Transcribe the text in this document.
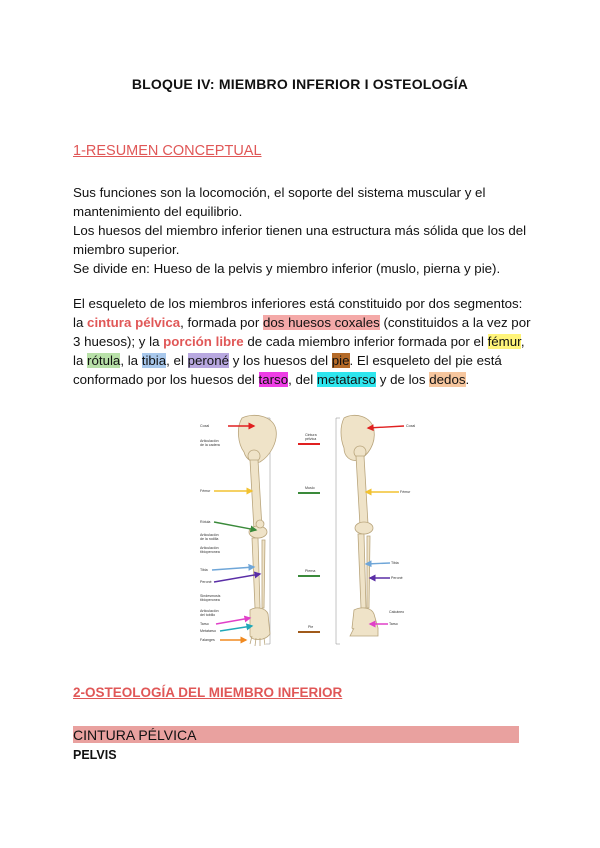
BLOQUE IV: MIEMBRO INFERIOR I OSTEOLOGÍA
1-RESUMEN CONCEPTUAL

Sus funciones son la locomoción, el soporte del sistema muscular y el mantenimiento del equilibrio.

Los huesos del miembro inferior tienen una estructura más sólida que los del miembro superior.

Se divide en: Hueso de la pelvis y miembro inferior (muslo, pierna y pie).

El esqueleto de los miembros inferiores está constituido por dos segmentos: la cintura pélvica, formada por dos huesos coxales (constituidos a la vez por 3 huesos); y la porción libre de cada miembro inferior formada por el fémur, la rótula, la tibia, el peroné y los huesos del pie. El esqueleto del pie está conformado por los huesos del tarso, del metatarso y de los dedos.
Coxal
Articulación
de la cadera
Fémur
Rótula
Articulación
de la rodilla
Articulación
tibioperonea
Tibia
Peroné
Sindesmosis
tibioperonea
Articulación
del tobillo
Tarso
Metatarso
Falanges
Cintura
pélvica
Muslo
Pierna
Pie
Coxal
Fémur
Tibia
Peroné
Calcáneo
Tarso
2-OSTEOLOGÍA DEL MIEMBRO INFERIOR
CINTURA PÉLVICA
PELVIS
